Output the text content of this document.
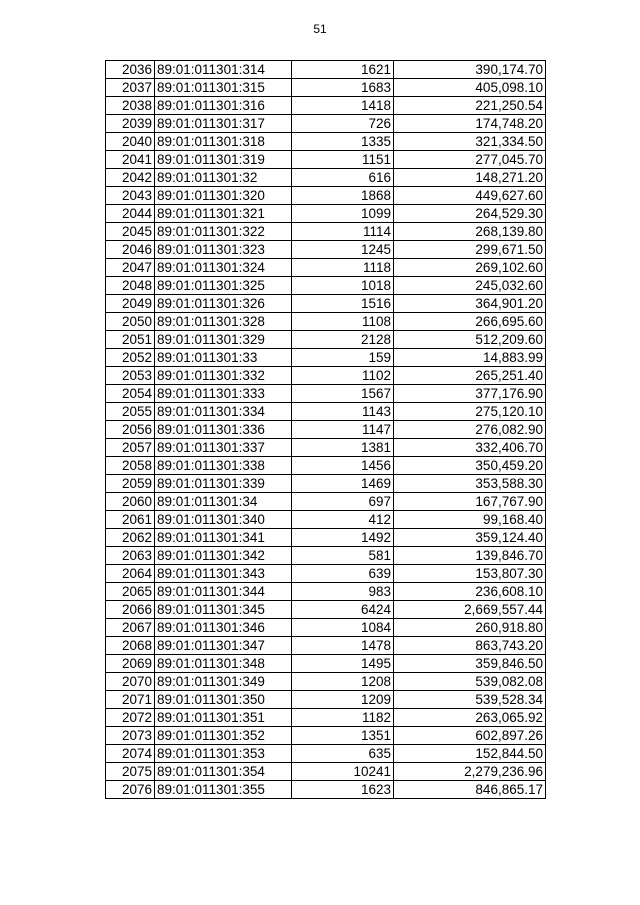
51
2036	89:01:011301:314	1621	390,174.70
2037	89:01:011301:315	1683	405,098.10
2038	89:01:011301:316	1418	221,250.54
2039	89:01:011301:317	726	174,748.20
2040	89:01:011301:318	1335	321,334.50
2041	89:01:011301:319	1151	277,045.70
2042	89:01:011301:32	616	148,271.20
2043	89:01:011301:320	1868	449,627.60
2044	89:01:011301:321	1099	264,529.30
2045	89:01:011301:322	1114	268,139.80
2046	89:01:011301:323	1245	299,671.50
2047	89:01:011301:324	1118	269,102.60
2048	89:01:011301:325	1018	245,032.60
2049	89:01:011301:326	1516	364,901.20
2050	89:01:011301:328	1108	266,695.60
2051	89:01:011301:329	2128	512,209.60
2052	89:01:011301:33	159	14,883.99
2053	89:01:011301:332	1102	265,251.40
2054	89:01:011301:333	1567	377,176.90
2055	89:01:011301:334	1143	275,120.10
2056	89:01:011301:336	1147	276,082.90
2057	89:01:011301:337	1381	332,406.70
2058	89:01:011301:338	1456	350,459.20
2059	89:01:011301:339	1469	353,588.30
2060	89:01:011301:34	697	167,767.90
2061	89:01:011301:340	412	99,168.40
2062	89:01:011301:341	1492	359,124.40
2063	89:01:011301:342	581	139,846.70
2064	89:01:011301:343	639	153,807.30
2065	89:01:011301:344	983	236,608.10
2066	89:01:011301:345	6424	2,669,557.44
2067	89:01:011301:346	1084	260,918.80
2068	89:01:011301:347	1478	863,743.20
2069	89:01:011301:348	1495	359,846.50
2070	89:01:011301:349	1208	539,082.08
2071	89:01:011301:350	1209	539,528.34
2072	89:01:011301:351	1182	263,065.92
2073	89:01:011301:352	1351	602,897.26
2074	89:01:011301:353	635	152,844.50
2075	89:01:011301:354	10241	2,279,236.96
2076	89:01:011301:355	1623	846,865.17
